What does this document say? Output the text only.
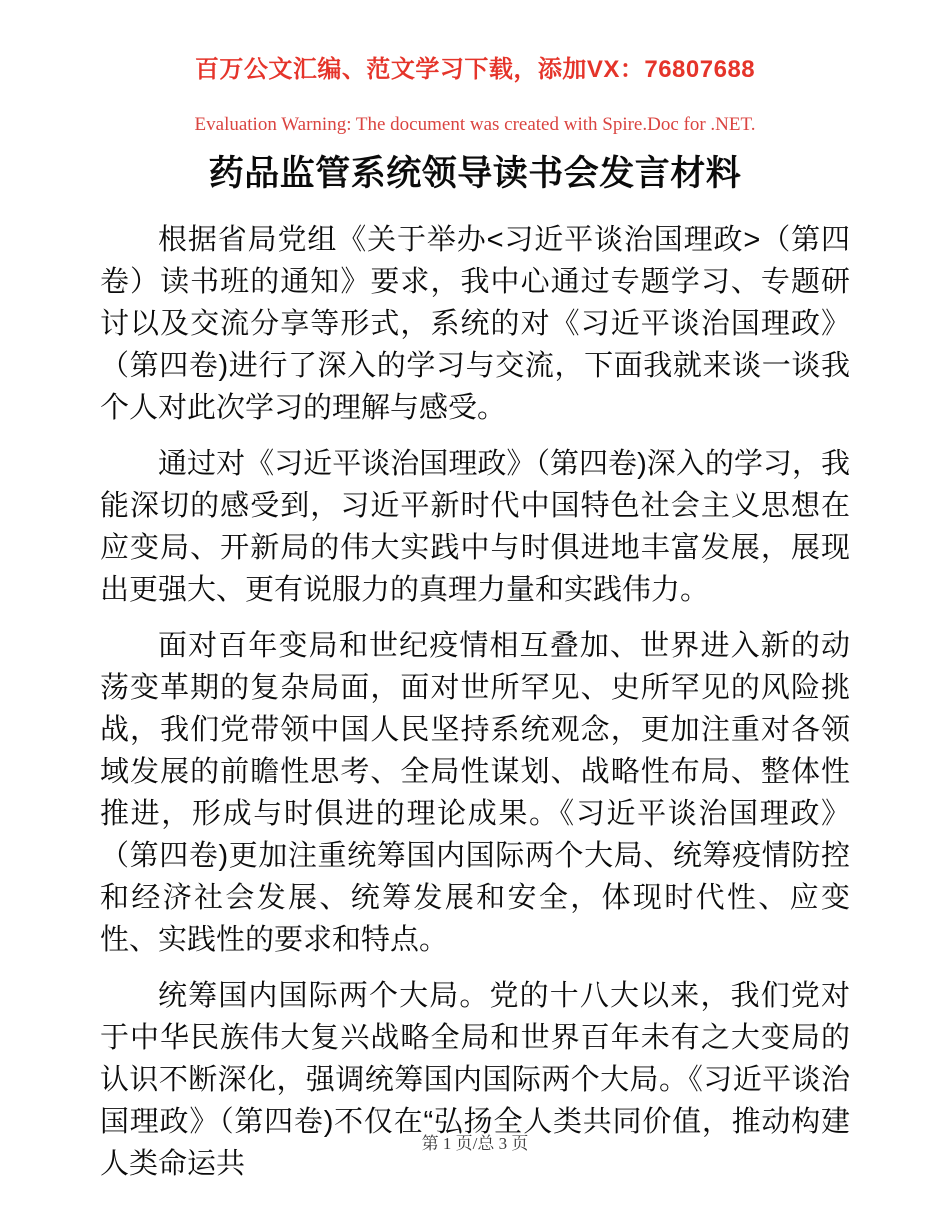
百万公文汇编、范文学习下载，添加VX：76807688
Evaluation Warning: The document was created with Spire.Doc for .NET.
药品监管系统领导读书会发言材料

根据省局党组《关于举办<习近平谈治国理政>（第四卷）读书班的通知》要求，我中心通过专题学习、专题研讨以及交流分享等形式，系统的对《习近平谈治国理政》（第四卷)进行了深入的学习与交流，下面我就来谈一谈我个人对此次学习的理解与感受。

通过对《习近平谈治国理政》（第四卷)深入的学习，我能深切的感受到，习近平新时代中国特色社会主义思想在应变局、开新局的伟大实践中与时俱进地丰富发展，展现出更强大、更有说服力的真理力量和实践伟力。

面对百年变局和世纪疫情相互叠加、世界进入新的动荡变革期的复杂局面，面对世所罕见、史所罕见的风险挑战，我们党带领中国人民坚持系统观念，更加注重对各领域发展的前瞻性思考、全局性谋划、战略性布局、整体性推进，形成与时俱进的理论成果。《习近平谈治国理政》（第四卷)更加注重统筹国内国际两个大局、统筹疫情防控和经济社会发展、统筹发展和安全，体现时代性、应变性、实践性的要求和特点。

统筹国内国际两个大局。党的十八大以来，我们党对于中华民族伟大复兴战略全局和世界百年未有之大变局的认识不断深化，强调统筹国内国际两个大局。《习近平谈治国理政》（第四卷)不仅在“弘扬全人类共同价值，推动构建人类命运共

第 1 页/总 3 页
